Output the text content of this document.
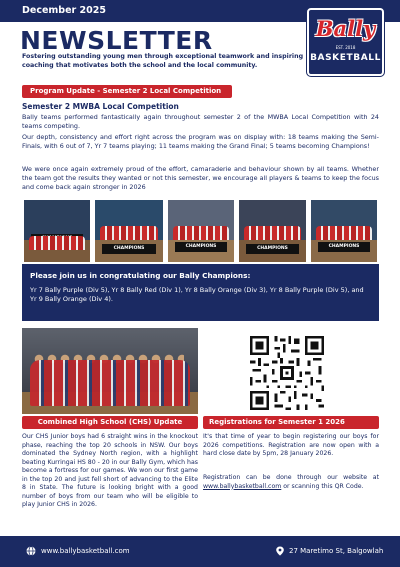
December 2025
NEWSLETTER
Fostering outstanding young men through exceptional teamwork and inspiring coaching that motivates both the school and the local community.
Bally
EST. 2018
BASKETBALL
Program Update - Semester 2 Local Competition
Semester 2 MWBA Local Competition
Bally teams performed fantastically again throughout semester 2 of the MWBA Local Competition with 24 teams competing.
Our depth, consistency and effort right across the program was on display with: 18 teams making the Semi-Finals, with 6 out of 7, Yr 7 teams playing; 11 teams making the Grand Final; 5 teams becoming Champions!
We were once again extremely proud of the effort, camaraderie and behaviour shown by all teams. Whether the team got the results they wanted or not this semester, we encourage all players & teams to keep the focus and come back again stronger in 2026
CHAMPIONS	CHAMPIONS	CHAMPIONS	CHAMPIONS
Please join us in congratulating our Bally Champions:
Yr 7 Bally Purple (Div 5), Yr 8 Bally Red (Div 1), Yr 8 Bally Orange (Div 3), Yr 8 Bally Purple (Div 5), and Yr 9 Bally Orange (Div 4).
Combined High School (CHS) Update	Registrations for Semester 1 2026
Our CHS Junior boys had 6 straight wins in the knockout phase, reaching the top 20 schools in NSW. Our boys dominated the Sydney North region, with a highlight beating Kurringai HS 80 - 20 in our Bally Gym, which has become a fortress for our games. We won our first game in the top 20 and just fell short of advancing to the Elite 8 in State. The future is looking bright with a good number of boys from our team who will be eligible to play Junior CHS in 2026.
It's that time of year to begin registering our boys for 2026 competitions. Registration are now open with a hard close date by 5pm, 28 January 2026.
Registration can be done through our website at www.ballybasketball.com or scanning this QR Code.
www.ballybasketball.com	27 Maretimo St, Balgowlah
